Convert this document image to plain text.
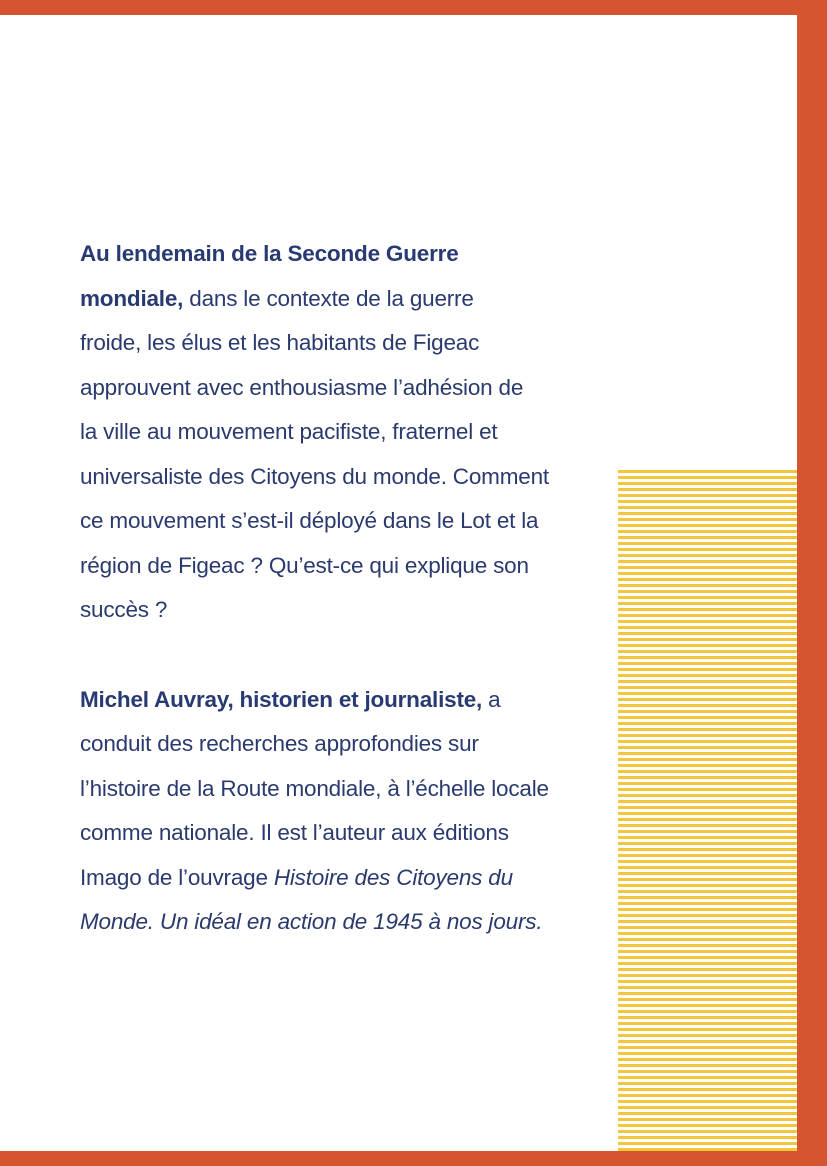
Au lendemain de la Seconde Guerre
mondiale, dans le contexte de la guerre
froide, les élus et les habitants de Figeac
approuvent avec enthousiasme l’adhésion de
la ville au mouvement pacifiste, fraternel et
universaliste des Citoyens du monde. Comment
ce mouvement s’est-il déployé dans le Lot et la
région de Figeac ? Qu’est-ce qui explique son
succès ?

Michel Auvray, historien et journaliste, a
conduit des recherches approfondies sur
l’histoire de la Route mondiale, à l’échelle locale
comme nationale. Il est l’auteur aux éditions
Imago de l’ouvrage Histoire des Citoyens du
Monde. Un idéal en action de 1945 à nos jours.
